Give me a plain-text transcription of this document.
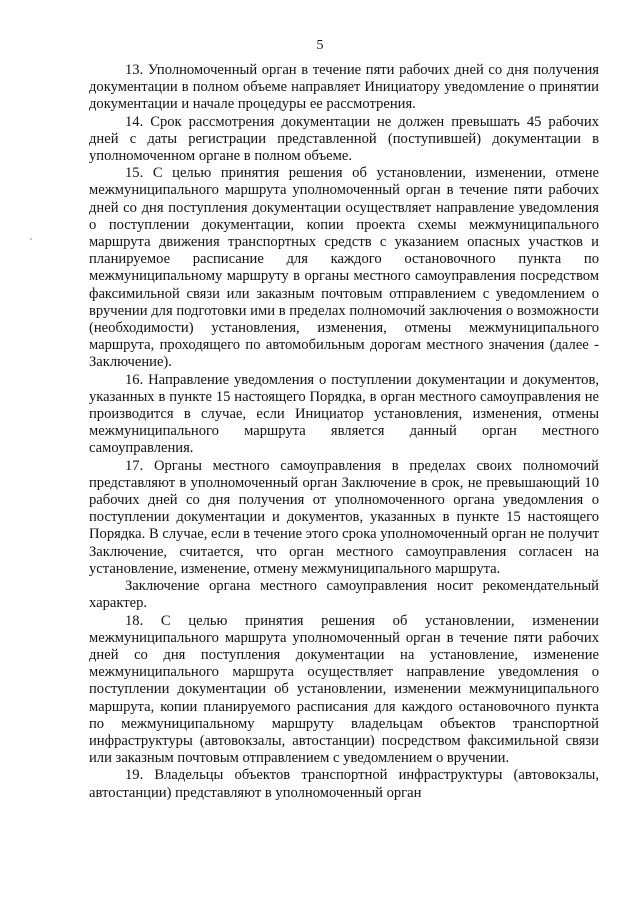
5

13. Уполномоченный орган в течение пяти рабочих дней со дня получения документации в полном объеме направляет Инициатору уведомление о принятии документации и начале процедуры ее рассмотрения.

14. Срок рассмотрения документации не должен превышать 45 рабочих дней с даты регистрации представленной (поступившей) документации в уполномоченном органе в полном объеме.

15. С целью принятия решения об установлении, изменении, отмене межмуниципального маршрута уполномоченный орган в течение пяти рабочих дней со дня поступления документации осуществляет направление уведомления о поступлении документации, копии проекта схемы межмуниципального маршрута движения транспортных средств с указанием опасных участков и планируемое расписание для каждого остановочного пункта по межмуниципальному маршруту в органы местного самоуправления посредством факсимильной связи или заказным почтовым отправлением с уведомлением о вручении для подготовки ими в пределах полномочий заключения о возможности (необходимости) установления, изменения, отмены межмуниципального маршрута, проходящего по автомобильным дорогам местного значения (далее - Заключение).

16. Направление уведомления о поступлении документации и документов, указанных в пункте 15 настоящего Порядка, в орган местного самоуправления не производится в случае, если Инициатор установления, изменения, отмены межмуниципального маршрута является данный орган местного самоуправления.

17. Органы местного самоуправления в пределах своих полномочий представляют в уполномоченный орган Заключение в срок, не превышающий 10 рабочих дней со дня получения от уполномоченного органа уведомления о поступлении документации и документов, указанных в пункте 15 настоящего Порядка. В случае, если в течение этого срока уполномоченный орган не получит Заключение, считается, что орган местного самоуправления согласен на установление, изменение, отмену межмуниципального маршрута.

Заключение органа местного самоуправления носит рекомендательный характер.

18. С целью принятия решения об установлении, изменении межмуниципального маршрута уполномоченный орган в течение пяти рабочих дней со дня поступления документации на установление, изменение межмуниципального маршрута осуществляет направление уведомления о поступлении документации об установлении, изменении межмуниципального маршрута, копии планируемого расписания для каждого остановочного пункта по межмуниципальному маршруту владельцам объектов транспортной инфраструктуры (автовокзалы, автостанции) посредством факсимильной связи или заказным почтовым отправлением с уведомлением о вручении.

19. Владельцы объектов транспортной инфраструктуры (автовокзалы, автостанции) представляют в уполномоченный орган
